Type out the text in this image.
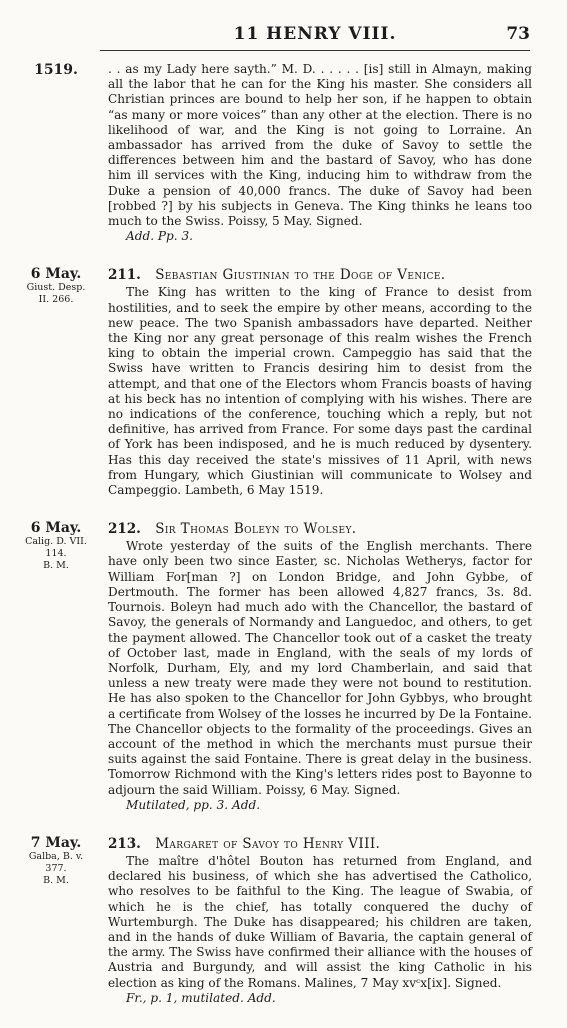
11 HENRY VIII.	73
1519.	. . as my Lady here sayth.” M. D. . . . . . [is] still in Almayn, making all the labor that he can for the King his master. She considers all Christian princes are bound to help her son, if he happen to obtain “as many or more voices” than any other at the election. There is no likelihood of war, and the King is not going to Lorraine. An ambassador has arrived from the duke of Savoy to settle the differences between him and the bastard of Savoy, who has done him ill services with the King, inducing him to withdraw from the Duke a pension of 40,000 francs. The duke of Savoy had been [robbed ?] by his subjects in Geneva. The King thinks he leans too much to the Swiss. Poissy, 5 May. Signed.

Add. Pp. 3.
6 May.
Giust. Desp.
II. 266.
211. Sebastian Giustinian to the Doge of Venice.

The King has written to the king of France to desist from hostilities, and to seek the empire by other means, according to the new peace. The two Spanish ambassadors have departed. Neither the King nor any great personage of this realm wishes the French king to obtain the imperial crown. Campeggio has said that the Swiss have written to Francis desiring him to desist from the attempt, and that one of the Electors whom Francis boasts of having at his beck has no intention of complying with his wishes. There are no indications of the conference, touching which a reply, but not definitive, has arrived from France. For some days past the cardinal of York has been indisposed, and he is much reduced by dysentery. Has this day received the state's missives of 11 April, with news from Hungary, which Giustinian will communicate to Wolsey and Campeggio. Lambeth, 6 May 1519.

6 May.
Calig. D. VII. 114.
B. M.
212. Sir Thomas Boleyn to Wolsey.

Wrote yesterday of the suits of the English merchants. There have only been two since Easter, sc. Nicholas Wetherys, factor for William For[man ?] on London Bridge, and John Gybbe, of Dertmouth. The former has been allowed 4,827 francs, 3s. 8d. Tournois. Boleyn had much ado with the Chancellor, the bastard of Savoy, the generals of Normandy and Languedoc, and others, to get the payment allowed. The Chancellor took out of a casket the treaty of October last, made in England, with the seals of my lords of Norfolk, Durham, Ely, and my lord Chamberlain, and said that unless a new treaty were made they were not bound to restitution. He has also spoken to the Chancellor for John Gybbys, who brought a certificate from Wolsey of the losses he incurred by De la Fontaine. The Chancellor objects to the formality of the proceedings. Gives an account of the method in which the merchants must pursue their suits against the said Fontaine. There is great delay in the business. Tomorrow Richmond with the King's letters rides post to Bayonne to adjourn the said William. Poissy, 6 May. Signed.

Mutilated, pp. 3. Add.
7 May.
Galba, B. v. 377.
B. M.
213. Margaret of Savoy to Henry VIII.

The maître d'hôtel Bouton has returned from England, and declared his business, of which she has advertised the Catholico, who resolves to be faithful to the King. The league of Swabia, of which he is the chief, has totally conquered the duchy of Wurtemburgh. The Duke has disappeared; his children are taken, and in the hands of duke William of Bavaria, the captain general of the army. The Swiss have confirmed their alliance with the houses of Austria and Burgundy, and will assist the king Catholic in his election as king of the Romans. Malines, 7 May xvᶜx[ix]. Signed.

Fr., p. 1, mutilated. Add.
